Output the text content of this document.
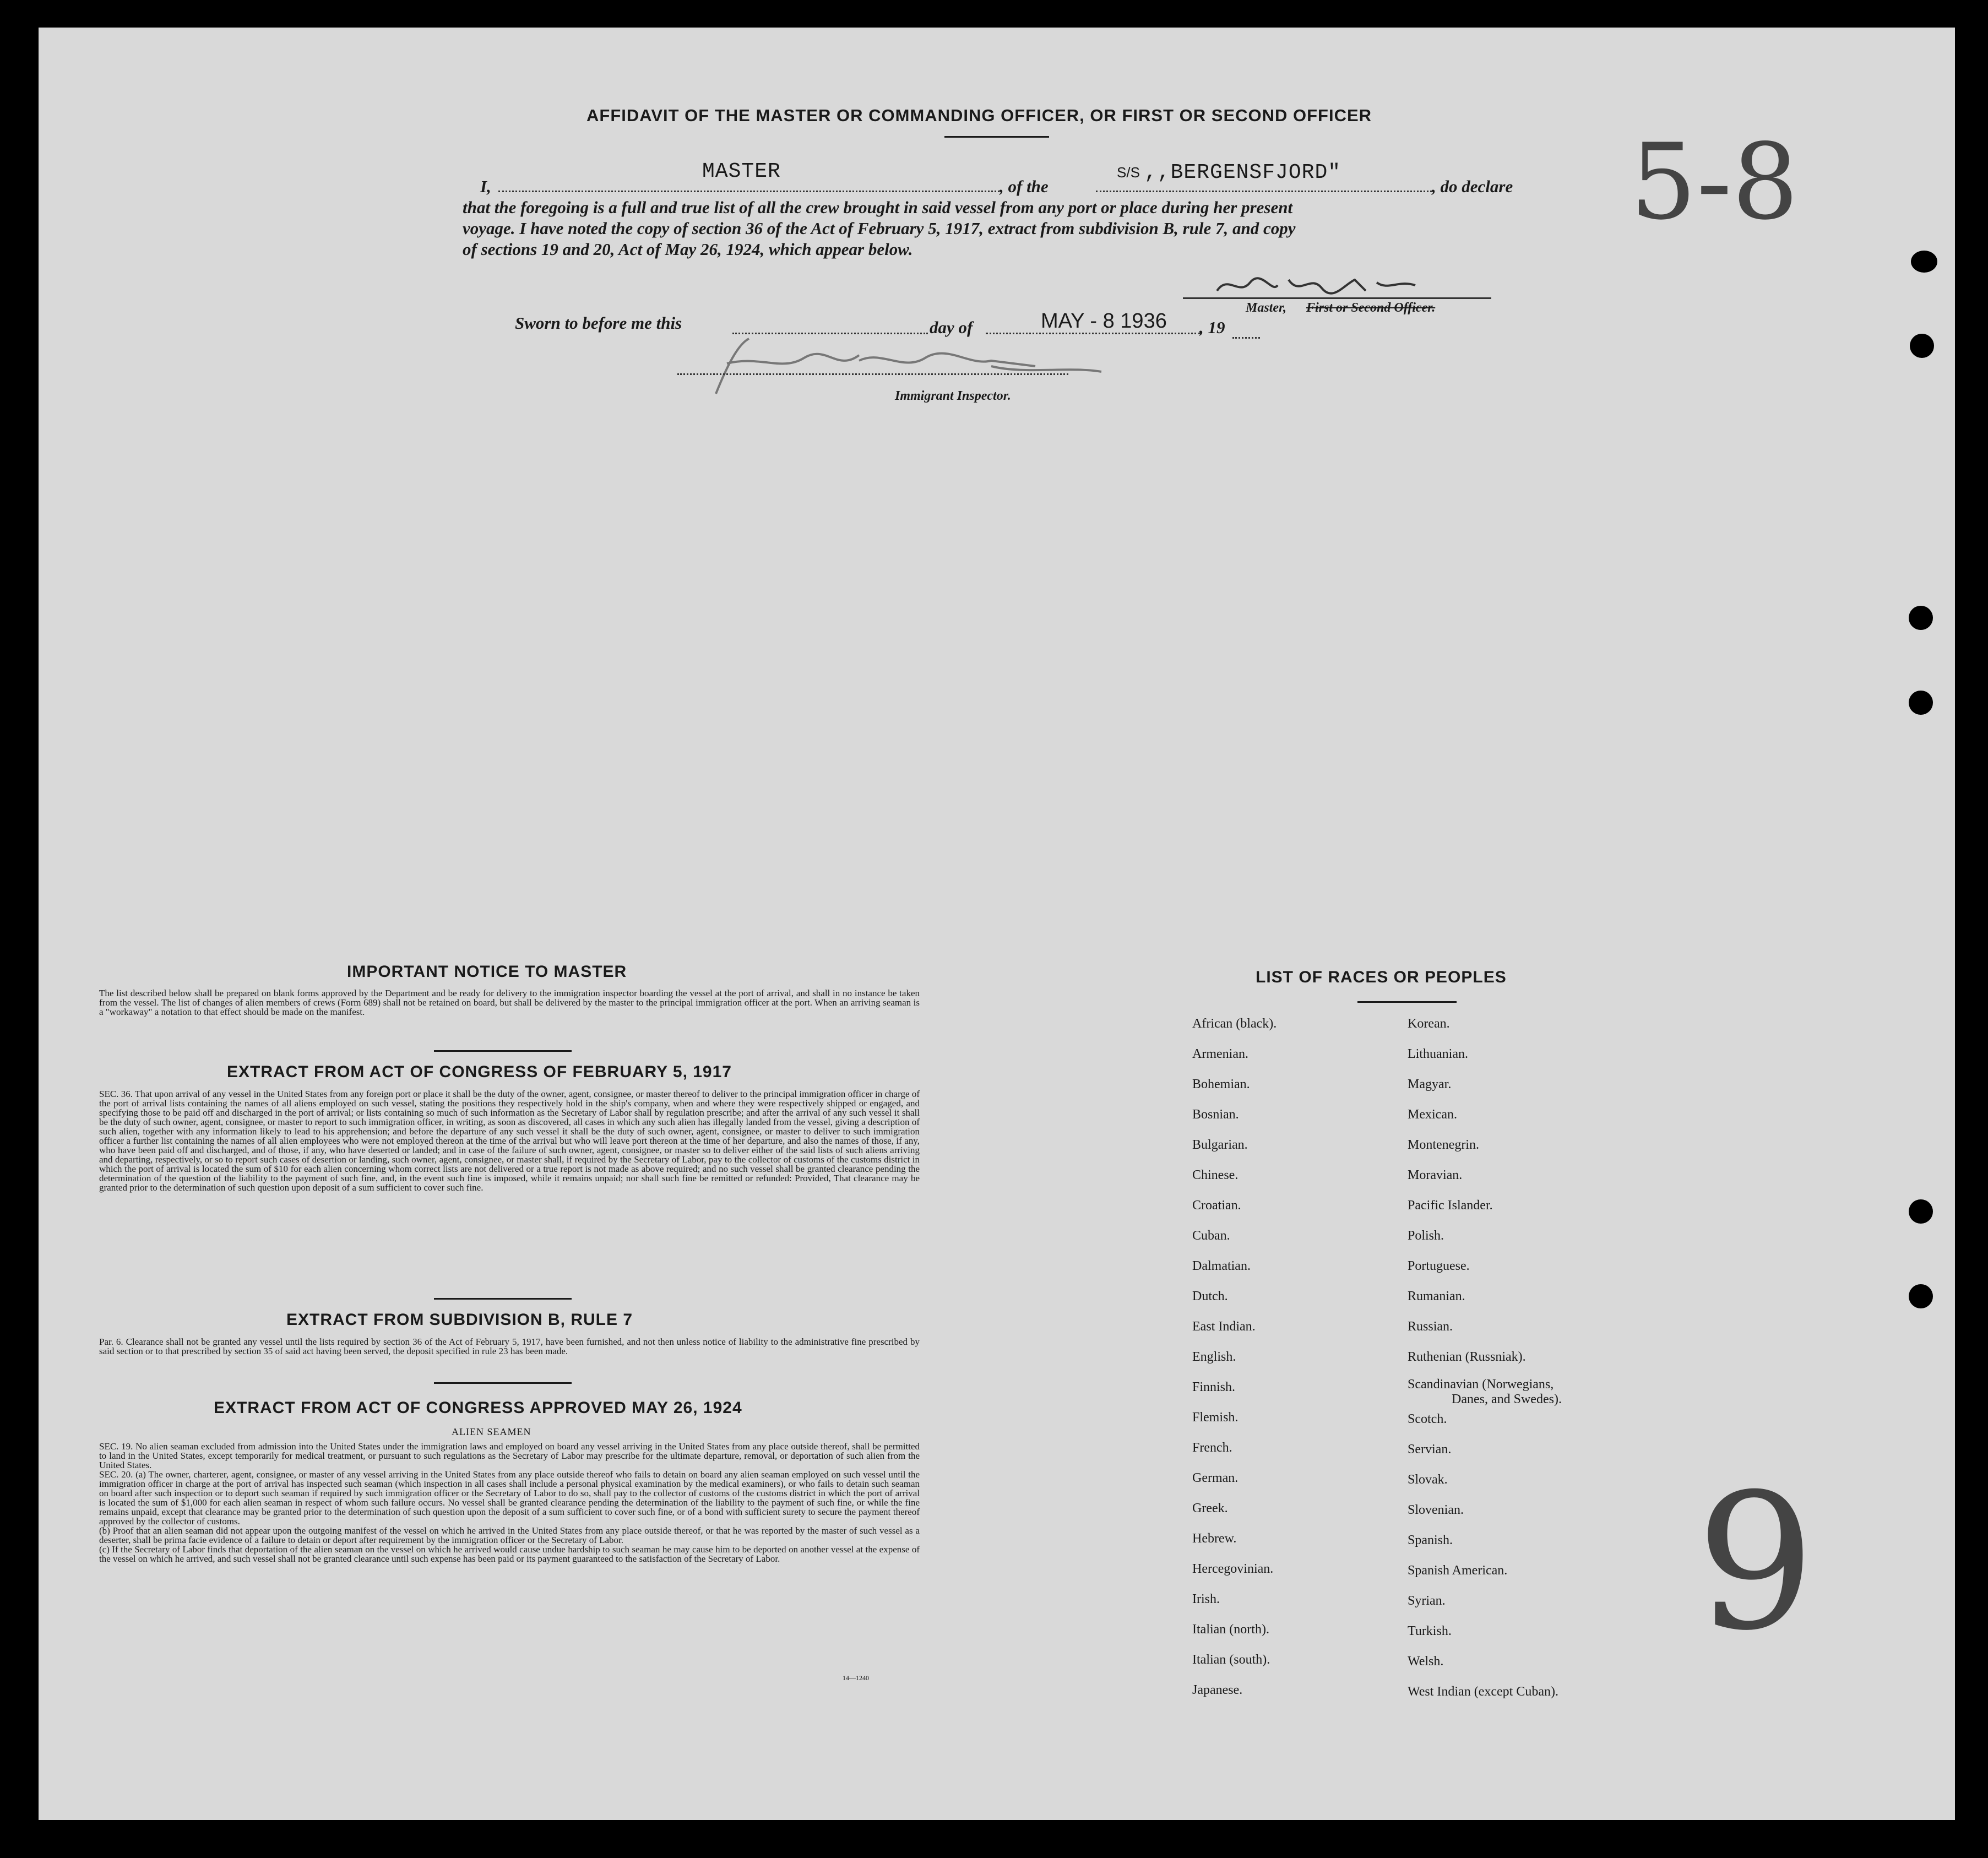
AFFIDAVIT OF THE MASTER OR COMMANDING OFFICER, OR FIRST OR SECOND OFFICER
I,
MASTER
, of the
S/S ,,BERGENSFJORD"
, do declare
that the foregoing is a full and true list of all the crew brought in said vessel from any port or place during her present
voyage. I have noted the copy of section 36 of the Act of February 5, 1917, extract from subdivision B, rule 7, and copy
of sections 19 and 20, Act of May 26, 1924, which appear below.
Master, First or Second Officer.
Sworn to before me this	day of	MAY - 8 1936 , 19
Immigrant Inspector.
5-8
9
IMPORTANT NOTICE TO MASTER
The list described below shall be prepared on blank forms approved by the Department and be ready for delivery to the immigration inspector boarding the vessel at the port of arrival, and shall in no instance be taken from the vessel. The list of changes of alien members of crews (Form 689) shall not be retained on board, but shall be delivered by the master to the principal immigration officer at the port. When an arriving seaman is a "workaway" a notation to that effect should be made on the manifest.
EXTRACT FROM ACT OF CONGRESS OF FEBRUARY 5, 1917
SEC. 36. That upon arrival of any vessel in the United States from any foreign port or place it shall be the duty of the owner, agent, consignee, or master thereof to deliver to the principal immigration officer in charge of the port of arrival lists containing the names of all aliens employed on such vessel, stating the positions they respectively hold in the ship's company, when and where they were respectively shipped or engaged, and specifying those to be paid off and discharged in the port of arrival; or lists containing so much of such information as the Secretary of Labor shall by regulation prescribe; and after the arrival of any such vessel it shall be the duty of such owner, agent, consignee, or master to report to such immigration officer, in writing, as soon as discovered, all cases in which any such alien has illegally landed from the vessel, giving a description of such alien, together with any information likely to lead to his apprehension; and before the departure of any such vessel it shall be the duty of such owner, agent, consignee, or master to deliver to such immigration officer a further list containing the names of all alien employees who were not employed thereon at the time of the arrival but who will leave port thereon at the time of her departure, and also the names of those, if any, who have been paid off and discharged, and of those, if any, who have deserted or landed; and in case of the failure of such owner, agent, consignee, or master so to deliver either of the said lists of such aliens arriving and departing, respectively, or so to report such cases of desertion or landing, such owner, agent, consignee, or master shall, if required by the Secretary of Labor, pay to the collector of customs of the customs district in which the port of arrival is located the sum of $10 for each alien concerning whom correct lists are not delivered or a true report is not made as above required; and no such vessel shall be granted clearance pending the determination of the question of the liability to the payment of such fine, and, in the event such fine is imposed, while it remains unpaid; nor shall such fine be remitted or refunded: Provided, That clearance may be granted prior to the determination of such question upon deposit of a sum sufficient to cover such fine.
EXTRACT FROM SUBDIVISION B, RULE 7
Par. 6. Clearance shall not be granted any vessel until the lists required by section 36 of the Act of February 5, 1917, have been furnished, and not then unless notice of liability to the administrative fine prescribed by said section or to that prescribed by section 35 of said act having been served, the deposit specified in rule 23 has been made.
EXTRACT FROM ACT OF CONGRESS APPROVED MAY 26, 1924
ALIEN SEAMEN

SEC. 19. No alien seaman excluded from admission into the United States under the immigration laws and employed on board any vessel arriving in the United States from any place outside thereof, shall be permitted to land in the United States, except temporarily for medical treatment, or pursuant to such regulations as the Secretary of Labor may prescribe for the ultimate departure, removal, or deportation of such alien from the United States.

SEC. 20. (a) The owner, charterer, agent, consignee, or master of any vessel arriving in the United States from any place outside thereof who fails to detain on board any alien seaman employed on such vessel until the immigration officer in charge at the port of arrival has inspected such seaman (which inspection in all cases shall include a personal physical examination by the medical examiners), or who fails to detain such seaman on board after such inspection or to deport such seaman if required by such immigration officer or the Secretary of Labor to do so, shall pay to the collector of customs of the customs district in which the port of arrival is located the sum of $1,000 for each alien seaman in respect of whom such failure occurs. No vessel shall be granted clearance pending the determination of the liability to the payment of such fine, or while the fine remains unpaid, except that clearance may be granted prior to the determination of such question upon the deposit of a sum sufficient to cover such fine, or of a bond with sufficient surety to secure the payment thereof approved by the collector of customs.

(b) Proof that an alien seaman did not appear upon the outgoing manifest of the vessel on which he arrived in the United States from any place outside thereof, or that he was reported by the master of such vessel as a deserter, shall be prima facie evidence of a failure to detain or deport after requirement by the immigration officer or the Secretary of Labor.

(c) If the Secretary of Labor finds that deportation of the alien seaman on the vessel on which he arrived would cause undue hardship to such seaman he may cause him to be deported on another vessel at the expense of the vessel on which he arrived, and such vessel shall not be granted clearance until such expense has been paid or its payment guaranteed to the satisfaction of the Secretary of Labor.

14—1240
LIST OF RACES OR PEOPLES
African (black).
Armenian.
Bohemian.
Bosnian.
Bulgarian.
Chinese.
Croatian.
Cuban.
Dalmatian.
Dutch.
East Indian.
English.
Finnish.
Flemish.
French.
German.
Greek.
Hebrew.
Hercegovinian.
Irish.
Italian (north).
Italian (south).
Japanese.
Korean.
Lithuanian.
Magyar.
Mexican.
Montenegrin.
Moravian.
Pacific Islander.
Polish.
Portuguese.
Rumanian.
Russian.
Ruthenian (Russniak).
Scandinavian (Norwegians,
Danes, and Swedes).
Scotch.
Servian.
Slovak.
Slovenian.
Spanish.
Spanish American.
Syrian.
Turkish.
Welsh.
West Indian (except Cuban).
